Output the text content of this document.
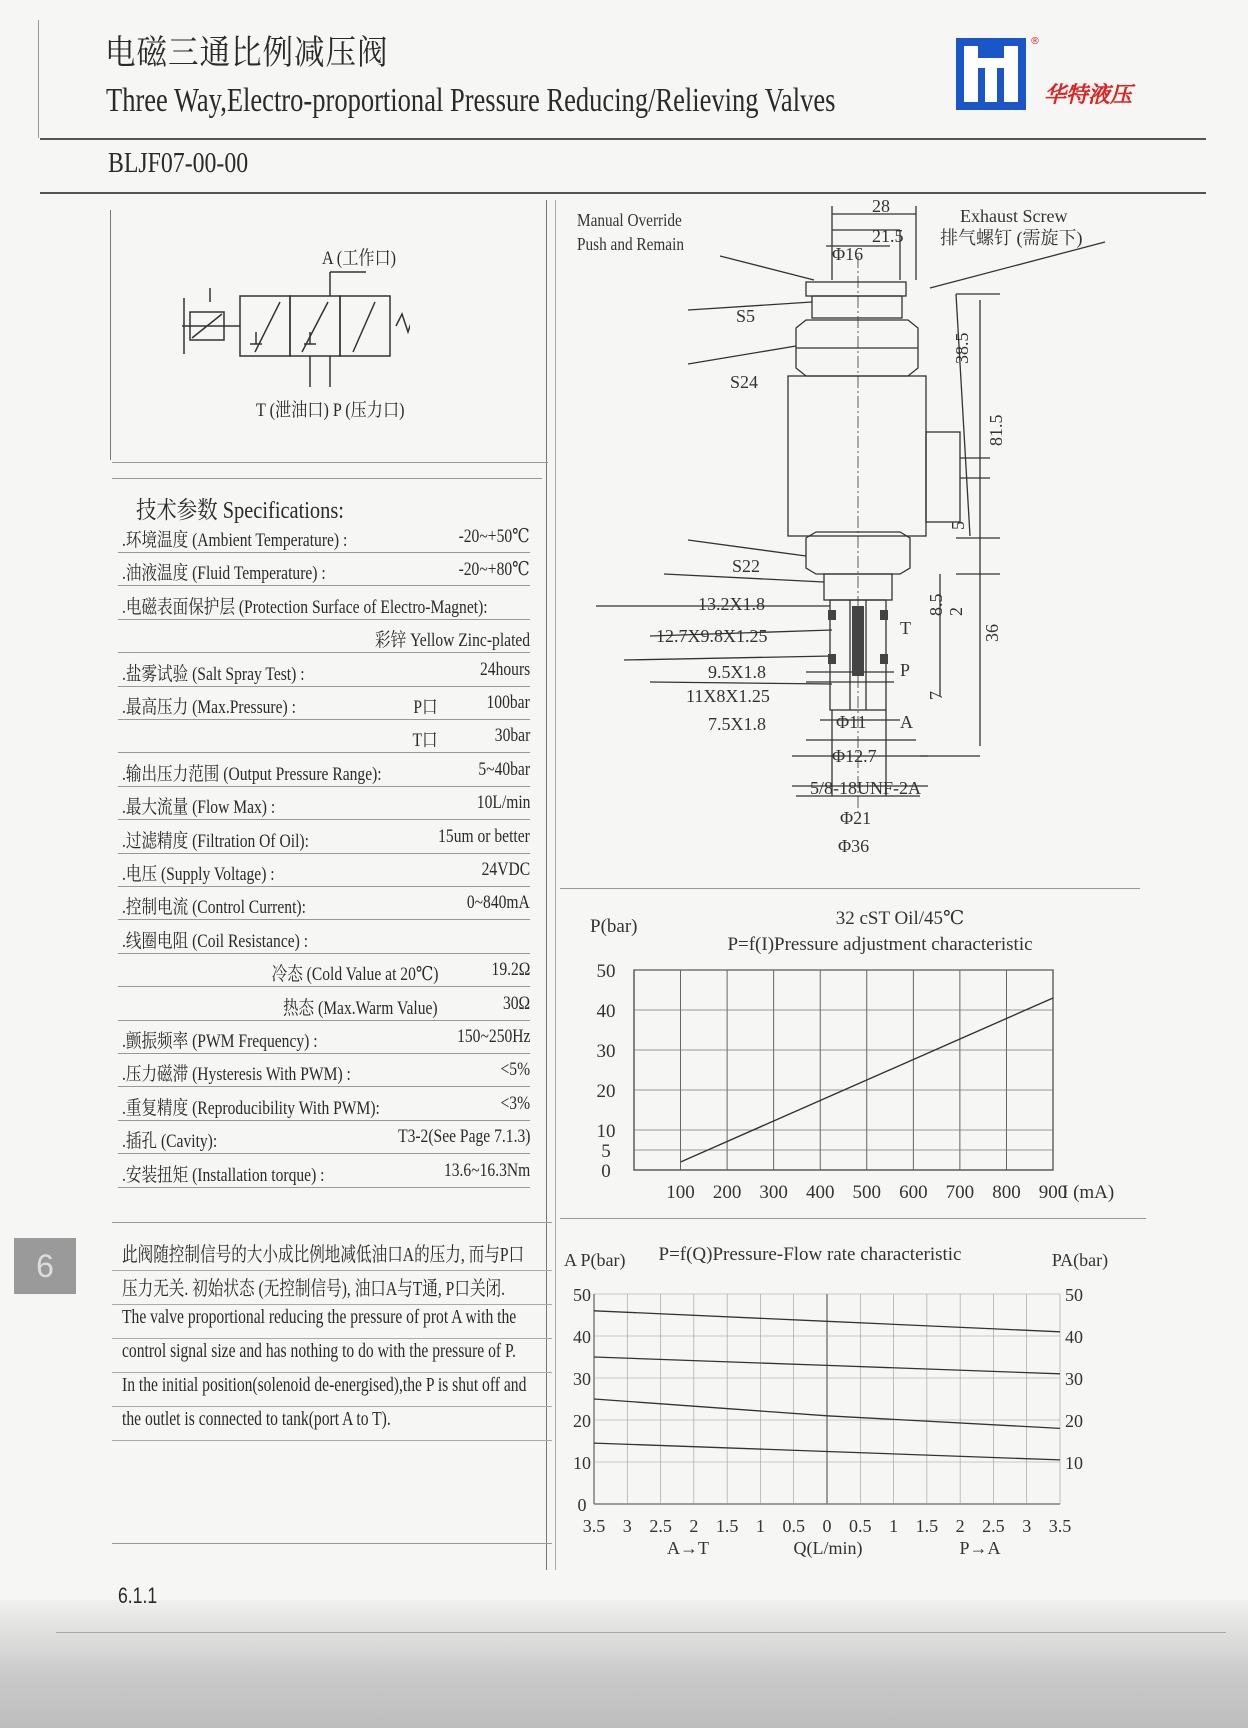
电磁三通比例减压阀
Three Way,Electro-proportional Pressure Reducing/Relieving Valves
®
华特液压
BLJF07-00-00
A (工作口)
T (泄油口) P (压力口)
技术参数 Specifications:
.环境温度 (Ambient Temperature) :	-20~+50℃
.油液温度 (Fluid Temperature) :	-20~+80℃
.电磁表面保护层 (Protection Surface of Electro-Magnet):
彩锌 Yellow Zinc-plated
.盐雾试验 (Salt Spray Test) :	24hours
.最高压力 (Max.Pressure) :	P口	100bar
T口	30bar
.输出压力范围 (Output Pressure Range):	5~40bar
.最大流量 (Flow Max) :	10L/min
.过滤精度 (Filtration Of Oil):	15um or better
.电压 (Supply Voltage) :	24VDC
.控制电流 (Control Current):	0~840mA
.线圈电阻 (Coil Resistance) :
冷态 (Cold Value at 20℃)	19.2Ω
热态 (Max.Warm Value)	30Ω
.颤振频率 (PWM Frequency) :	150~250Hz
.压力磁滞 (Hysteresis With PWM) :	<5%
.重复精度 (Reproducibility With PWM):	<3%
.插孔 (Cavity):	T3-2(See Page 7.1.3)
.安装扭矩 (Installation torque) :	13.6~16.3Nm
6	此阀随控制信号的大小成比例地减低油口A的压力, 而与P口
压力无关. 初始状态 (无控制信号), 油口A与T通, P口关闭.
The valve proportional reducing the pressure of prot A with the
control signal size and has nothing to do with the pressure of P.
In the initial position(solenoid de-energised),the P is shut off and
the outlet is connected to tank(port A to T).
6.1.1
Manual Override
Push and Remain
Exhaust Screw
排气螺钉 (需旋下)
28
21.5
Φ16
S5
S24
S22
13.2X1.8
12.7X9.8X1.25
9.5X1.8
11X8X1.25
7.5X1.8
T
P
A
Φ11
Φ12.7
5/8-18UNF-2A
Φ21
Φ36
38.5
81.5
5
8.5 2
36
7
100 200 300 400 500 600 700 800 900
0
5
10
20
30
40
50
P(bar)	32 cST Oil/45℃
P=f(I)Pressure adjustment characteristic
I (mA)
3.5 3 2.5 2 1.5 1 0.5 0 0.5 1 1.5 2 2.5 3 3.5
0
10
20
30
40
50
10
20
30
40
50
A P(bar) P=f(Q)Pressure-Flow rate characteristic	PA(bar)
A→T	Q(L/min)	P→A
